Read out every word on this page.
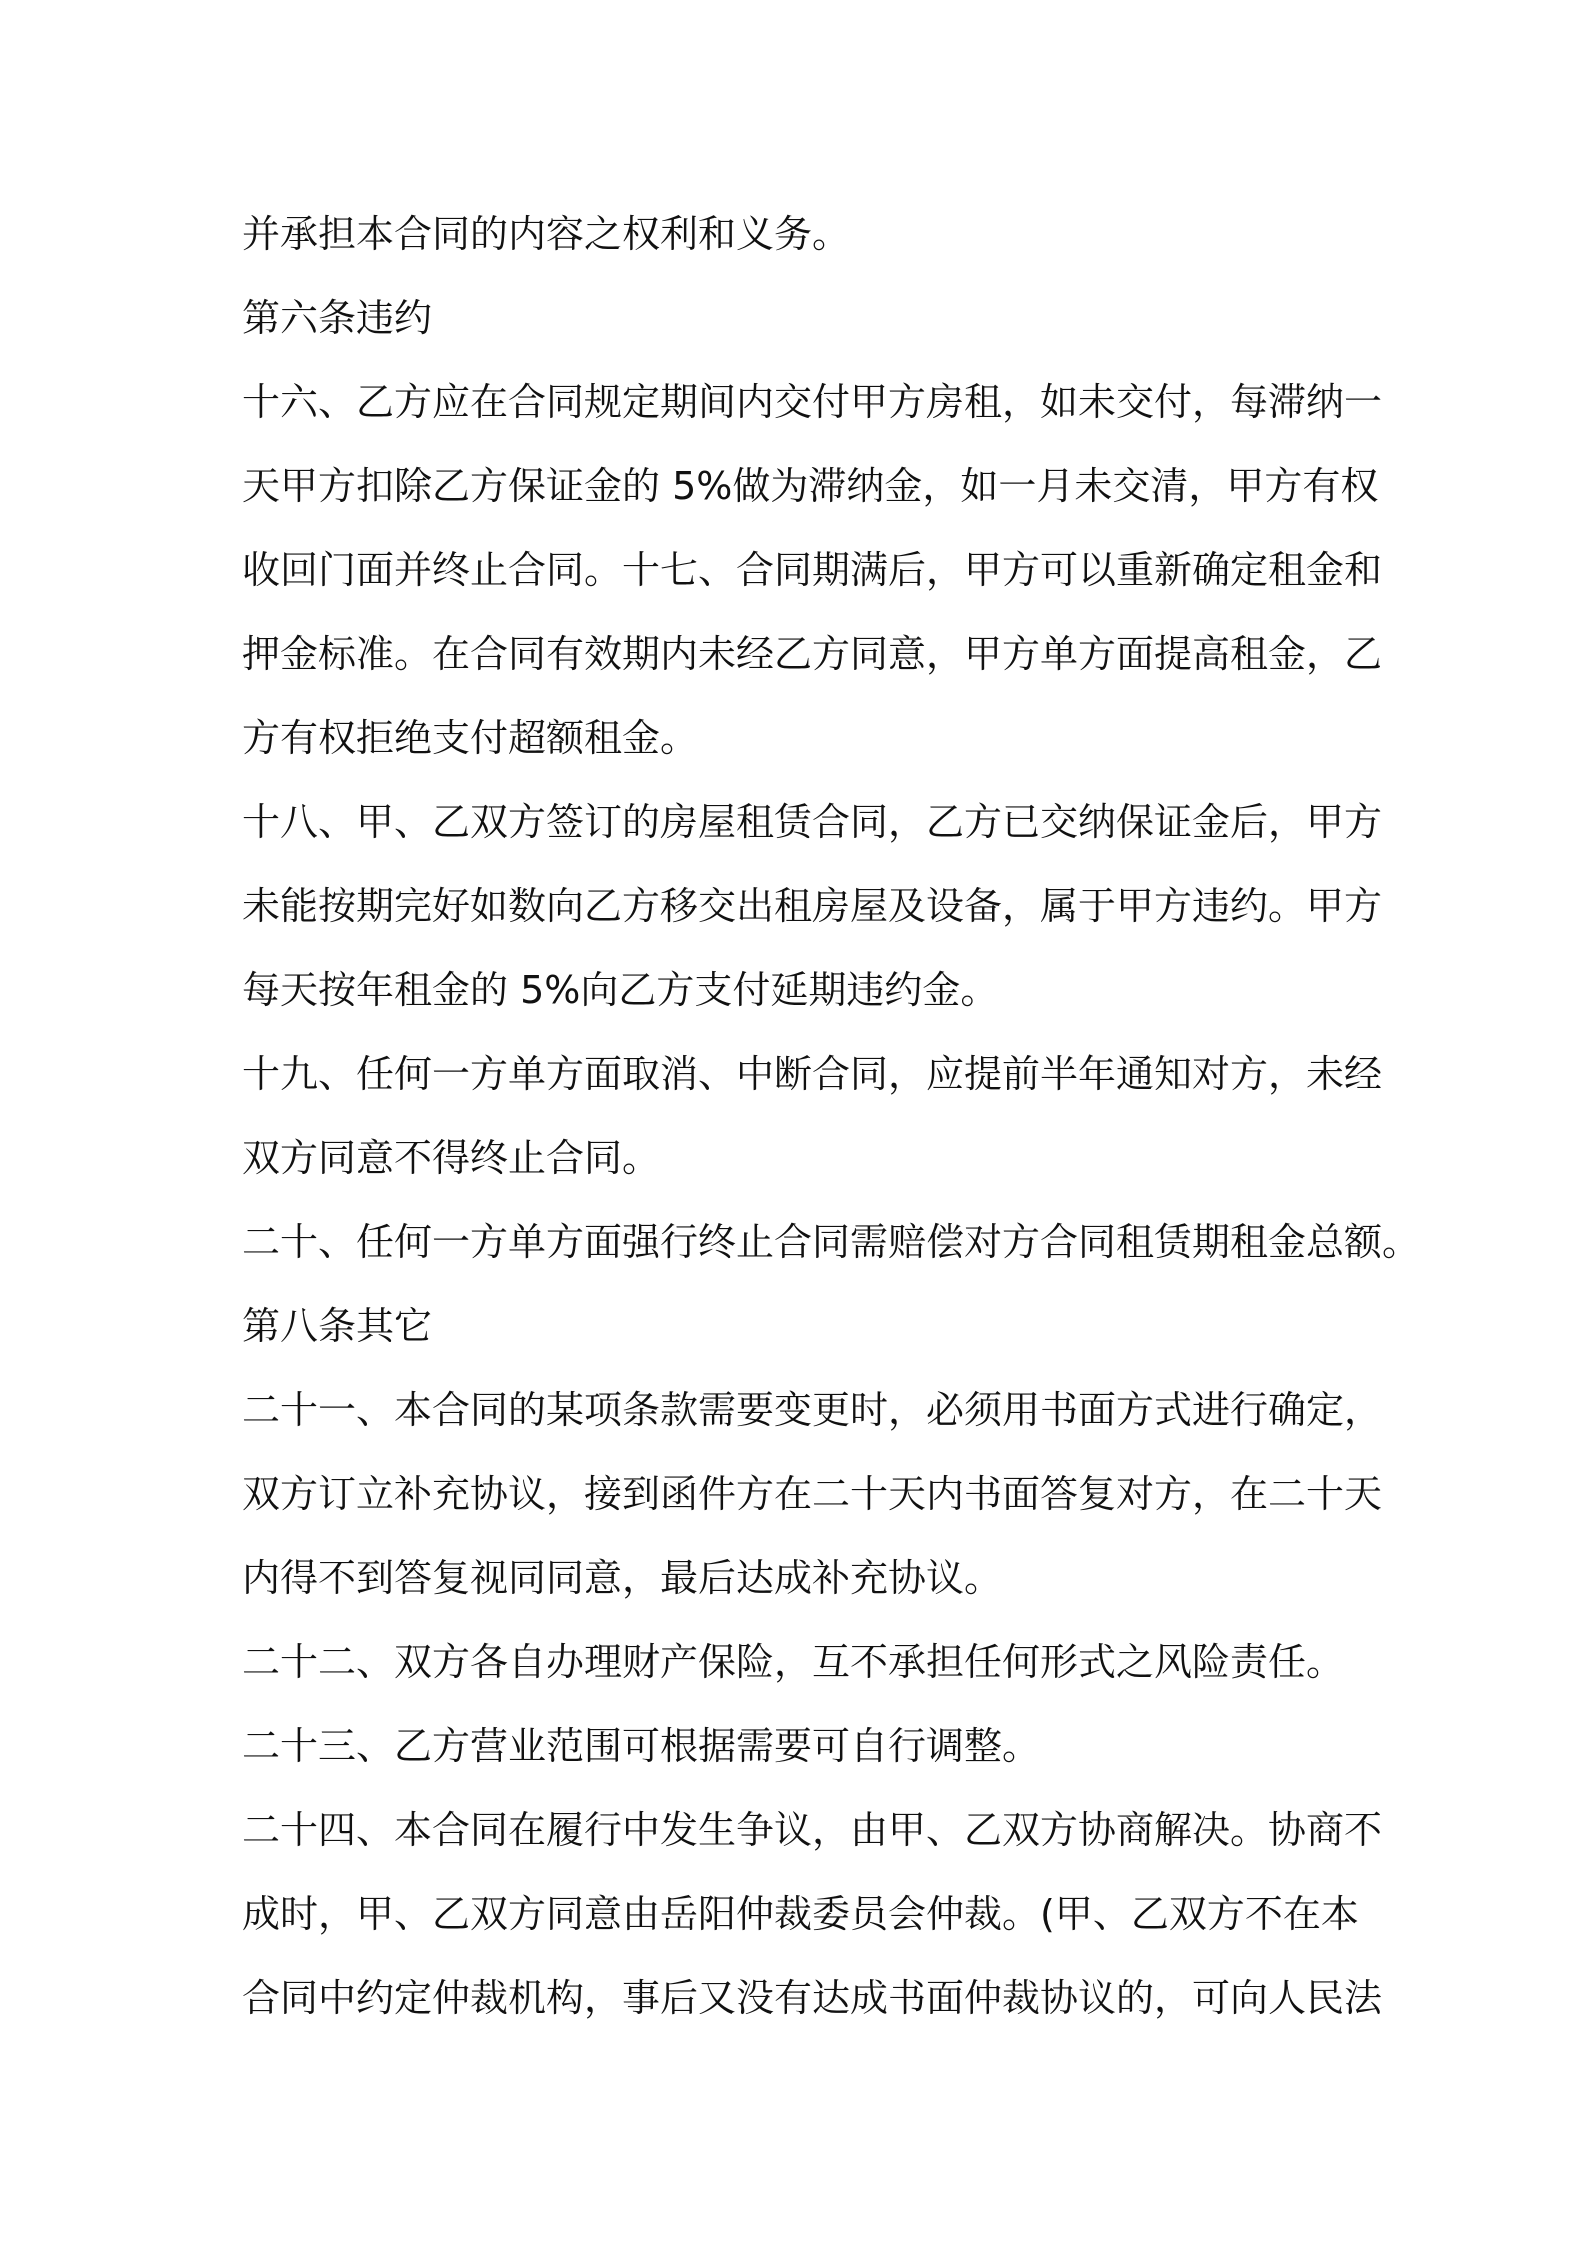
并承担本合同的内容之权利和义务。
第六条违约
十六、乙方应在合同规定期间内交付甲方房租，如未交付，每滞纳一
天甲方扣除乙方保证金的 5%做为滞纳金，如一月未交清，甲方有权
收回门面并终止合同。十七、合同期满后，甲方可以重新确定租金和
押金标准。在合同有效期内未经乙方同意，甲方单方面提高租金，乙
方有权拒绝支付超额租金。
十八、甲、乙双方签订的房屋租赁合同，乙方已交纳保证金后，甲方
未能按期完好如数向乙方移交出租房屋及设备，属于甲方违约。甲方
每天按年租金的 5%向乙方支付延期违约金。
十九、任何一方单方面取消、中断合同，应提前半年通知对方，未经
双方同意不得终止合同。
二十、任何一方单方面强行终止合同需赔偿对方合同租赁期租金总额。
第八条其它
二十一、本合同的某项条款需要变更时，必须用书面方式进行确定，
双方订立补充协议，接到函件方在二十天内书面答复对方，在二十天
内得不到答复视同同意，最后达成补充协议。
二十二、双方各自办理财产保险，互不承担任何形式之风险责任。
二十三、乙方营业范围可根据需要可自行调整。
二十四、本合同在履行中发生争议，由甲、乙双方协商解决。协商不
成时，甲、乙双方同意由岳阳仲裁委员会仲裁。(甲、乙双方不在本
合同中约定仲裁机构，事后又没有达成书面仲裁协议的，可向人民法
